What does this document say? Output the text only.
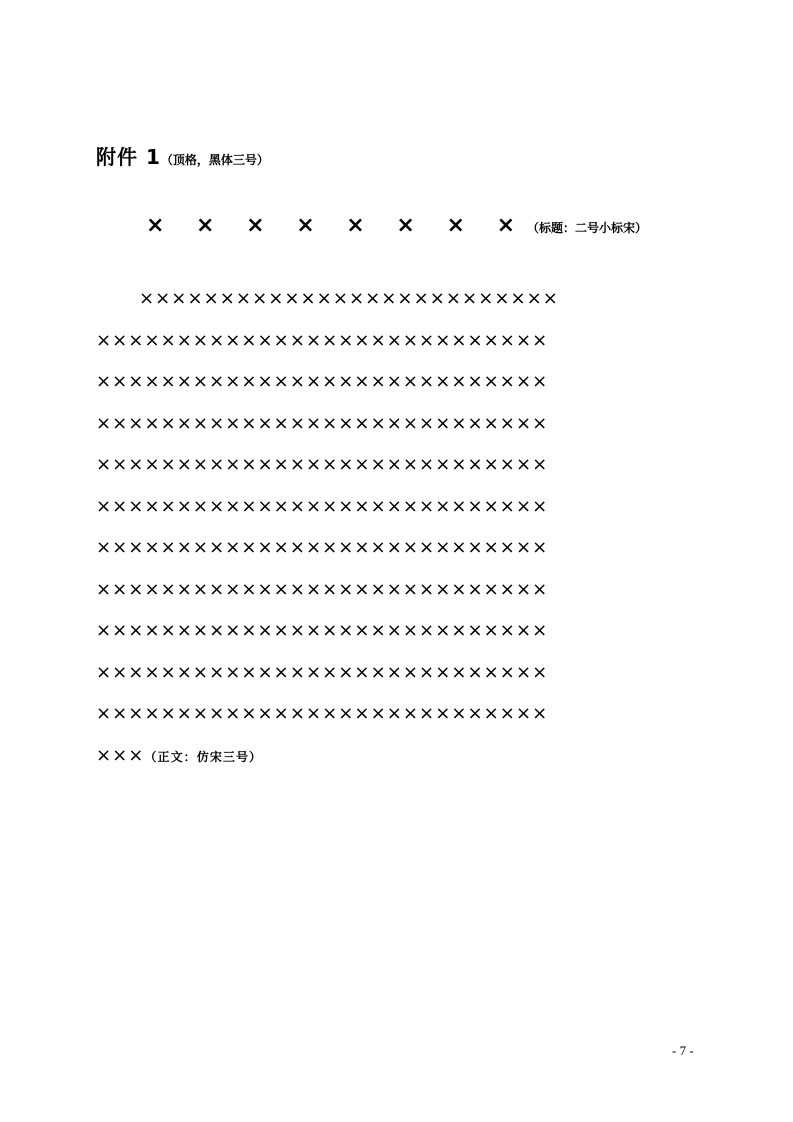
附件 1（顶格，黑体三号）
× × × × × × × ×（标题：二号小标宋）
××××××××××××××××××××××××××
××××××××××××××××××××××××××××
××××××××××××××××××××××××××××
××××××××××××××××××××××××××××
××××××××××××××××××××××××××××
××××××××××××××××××××××××××××
××××××××××××××××××××××××××××
××××××××××××××××××××××××××××
××××××××××××××××××××××××××××
××××××××××××××××××××××××××××
××××××××××××××××××××××××××××
×××（正文：仿宋三号）
- 7 -
